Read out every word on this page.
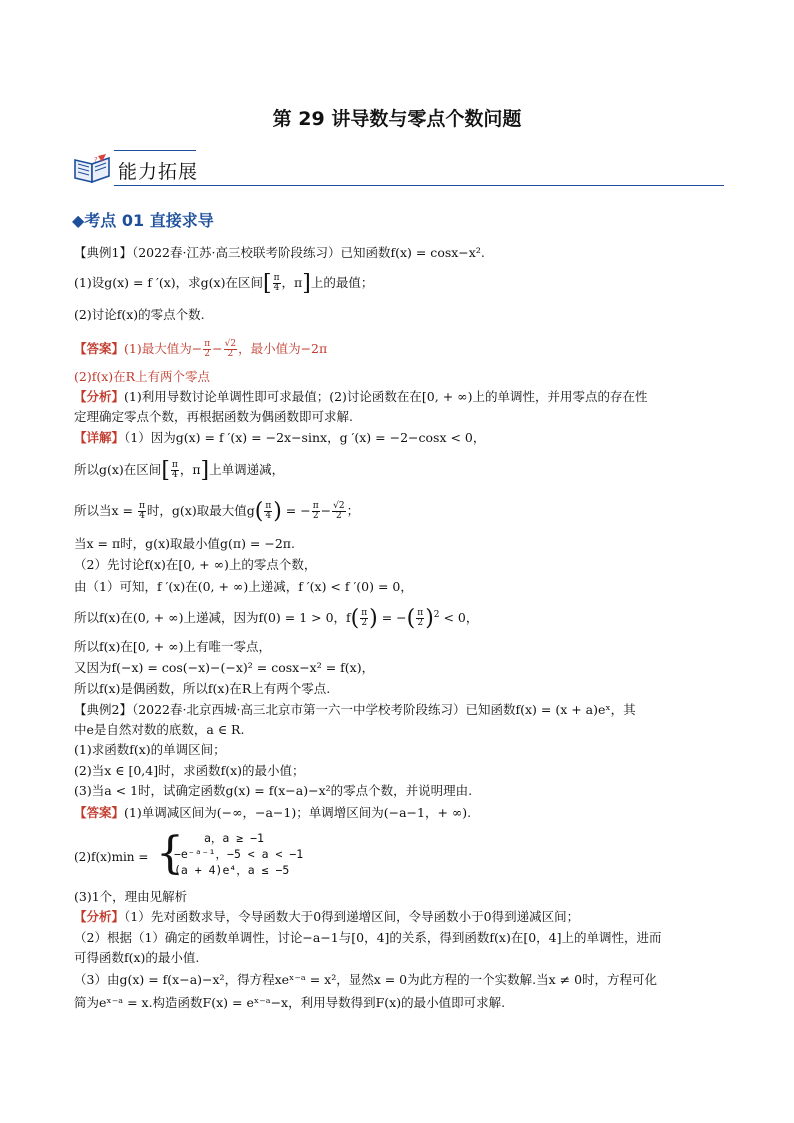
第 29 讲导数与零点个数问题
?
能力拓展
◆考点 01 直接求导
【典例1】（2022春·江苏·高三校联考阶段练习）已知函数f(x) = cosx−x².
(1)设g(x) = f ′(x)，求g(x)在区间[ $\frac{\pi}{4}$ ，π]上的最值；
(2)讨论f(x)的零点个数.
【答案】(1)最大值为− $\frac{\pi}{2} - \frac{√2}{2}$ ，最小值为−2π
(2)f(x)在R上有两个零点
【分析】(1)利用导数讨论单调性即可求最值；(2)讨论函数在在[0, + ∞)上的单调性，并用零点的存在性
定理确定零点个数，再根据函数为偶函数即可求解.
【详解】（1）因为g(x) = f ′(x) = −2x−sinx，g ′(x) = −2−cosx < 0，
所以g(x)在区间[ $\frac{\pi}{4}$ ，π]上单调递减，
所以当$x = \frac{\pi}{4}$ 时，g(x)取最大值$g( \frac{\pi}{4}$ ) = − $\frac{\pi}{2} - \frac{√2}{2}$ ；
当x = π时，g(x)取最小值g(π) = −2π.
（2）先讨论f(x)在[0, + ∞)上的零点个数，
由（1）可知，f ′(x)在(0, + ∞)上递减，f ′(x) < f ′(0) = 0，
所以f(x)在(0, + ∞)上递减，因为f(0) = 1 > 0，$f( \frac{\pi}{2}$ ) = −( $\frac{\pi}{2} )^2 < 0$，
所以f(x)在[0, + ∞)上有唯一零点，
又因为f(−x) = cos(−x)−(−x)² = cosx−x² = f(x)，
所以f(x)是偶函数，所以f(x)在R上有两个零点.
【典例2】（2022春·北京西城·高三北京市第一六一中学校考阶段练习）已知函数f(x) = (x + a)eˣ，其
中e是自然对数的底数，a ∈ R.
(1)求函数f(x)的单调区间；
(2)当x ∈ [0,4]时，求函数f(x)的最小值；
(3)当a < 1时，试确定函数g(x) = f(x−a)−x²的零点个数，并说明理由.
【答案】(1)单调减区间为(−∞，−a−1)；单调增区间为(−a−1，+ ∞).
(2)f(x)min = { a，a ≥ −1
−e⁻ᵃ⁻¹，−5 < a < −1
(a + 4)e⁴，a ≤ −5
(3)1个，理由见解析
【分析】（1）先对函数求导，令导函数大于0得到递增区间，令导函数小于0得到递减区间；
（2）根据（1）确定的函数单调性，讨论−a−1与[0，4]的关系，得到函数f(x)在[0，4]上的单调性，进而
可得函数f(x)的最小值.
（3）由g(x) = f(x−a)−x²，得方程xeˣ⁻ᵃ = x²，显然x = 0为此方程的一个实数解.当x ≠ 0时，方程可化
简为eˣ⁻ᵃ = x.构造函数F(x) = eˣ⁻ᵃ−x，利用导数得到F(x)的最小值即可求解.
